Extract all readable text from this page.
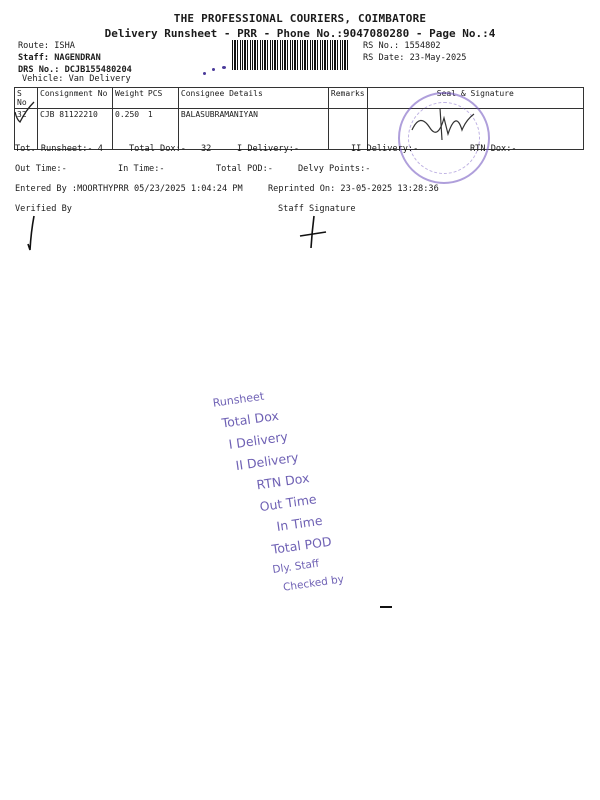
THE PROFESSIONAL COURIERS, COIMBATORE
Delivery Runsheet - PRR - Phone No.:9047080280 - Page No.:4
Route: ISHA
Staff: NAGENDRAN
DRS No.: DCJB155480204
Vehicle: Van Delivery
RS No.: 1554802
RS Date: 23-May-2025
S No	Consignment No	Weight	PCS	Consignee Details	Remarks	Seal & Signature
32	CJB 81122210	0.250	1	BALASUBRAMANIYAN		
Tot. Runsheet:- 4	Total Dox:- 32	I Delivery:-	II Delivery:-	RTN Dox:-
Out Time:-	In Time:-	Total POD:-	Delvy Points:-
Entered By :MOORTHYPRR 05/23/2025 1:04:24 PM	Reprinted On: 23-05-2025 13:28:36
Verified By	Staff Signature
Runsheet
Total Dox
I Delivery
II Delivery
RTN Dox
Out Time
In Time
Total POD
Dly. Staff
Checked by
